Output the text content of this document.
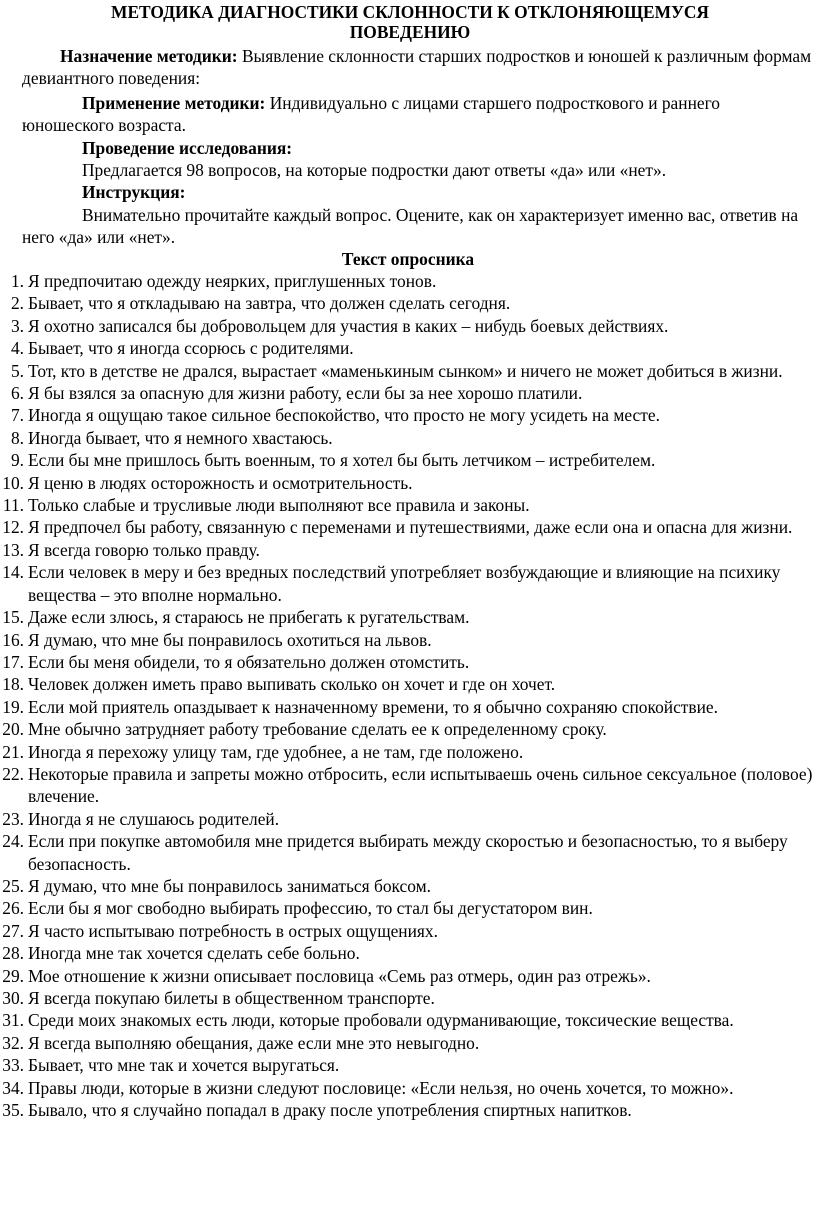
МЕТОДИКА ДИАГНОСТИКИ СКЛОННОСТИ К ОТКЛОНЯЮЩЕМУСЯ
ПОВЕДЕНИЮ
Назначение методики: Выявление склонности старших подростков и юношей к различным формам девиантного поведения:
Применение методики: Индивидуально с лицами старшего подросткового и раннего юношеского возраста.
Проведение исследования:
Предлагается 98 вопросов, на которые подростки дают ответы «да» или «нет».
Инструкция:
Внимательно прочитайте каждый вопрос. Оцените, как он характеризует именно вас, ответив на него «да» или «нет».
Текст опросника
1. Я предпочитаю одежду неярких, приглушенных тонов.
2. Бывает, что я откладываю на завтра, что должен сделать сегодня.
3. Я охотно записался бы добровольцем для участия в каких – нибудь боевых действиях.
4. Бывает, что я иногда ссорюсь с родителями.
5. Тот, кто в детстве не дрался, вырастает «маменькиным сынком» и ничего не может добиться в жизни.
6. Я бы взялся за опасную для жизни работу, если бы за нее хорошо платили.
7. Иногда я ощущаю такое сильное беспокойство, что просто не могу усидеть на месте.
8. Иногда бывает, что я немного хвастаюсь.
9. Если бы мне пришлось быть военным, то я хотел бы быть летчиком – истребителем.
10. Я ценю в людях осторожность и осмотрительность.
11. Только слабые и трусливые люди выполняют все правила и законы.
12. Я предпочел бы работу, связанную с переменами и путешествиями, даже если она и опасна для жизни.
13. Я всегда говорю только правду.
14. Если человек в меру и без вредных последствий употребляет возбуждающие и влияющие на психику вещества – это вполне нормально.
15. Даже если злюсь, я стараюсь не прибегать к ругательствам.
16. Я думаю, что мне бы понравилось охотиться на львов.
17. Если бы меня обидели, то я обязательно должен отомстить.
18. Человек должен иметь право выпивать сколько он хочет и где он хочет.
19. Если мой приятель опаздывает к назначенному времени, то я обычно сохраняю спокойствие.
20. Мне обычно затрудняет работу требование сделать ее к определенному сроку.
21. Иногда я перехожу улицу там, где удобнее, а не там, где положено.
22. Некоторые правила и запреты можно отбросить, если испытываешь очень сильное сексуальное (половое) влечение.
23. Иногда я не слушаюсь родителей.
24. Если при покупке автомобиля мне придется выбирать между скоростью и безопасностью, то я выберу безопасность.
25. Я думаю, что мне бы понравилось заниматься боксом.
26. Если бы я мог свободно выбирать профессию, то стал бы дегустатором вин.
27. Я часто испытываю потребность в острых ощущениях.
28. Иногда мне так хочется сделать себе больно.
29. Мое отношение к жизни описывает пословица «Семь раз отмерь, один раз отрежь».
30. Я всегда покупаю билеты в общественном транспорте.
31. Среди моих знакомых есть люди, которые пробовали одурманивающие, токсические вещества.
32. Я всегда выполняю обещания, даже если мне это невыгодно.
33. Бывает, что мне так и хочется выругаться.
34. Правы люди, которые в жизни следуют пословице: «Если нельзя, но очень хочется, то можно».
35. Бывало, что я случайно попадал в драку после употребления спиртных напитков.
